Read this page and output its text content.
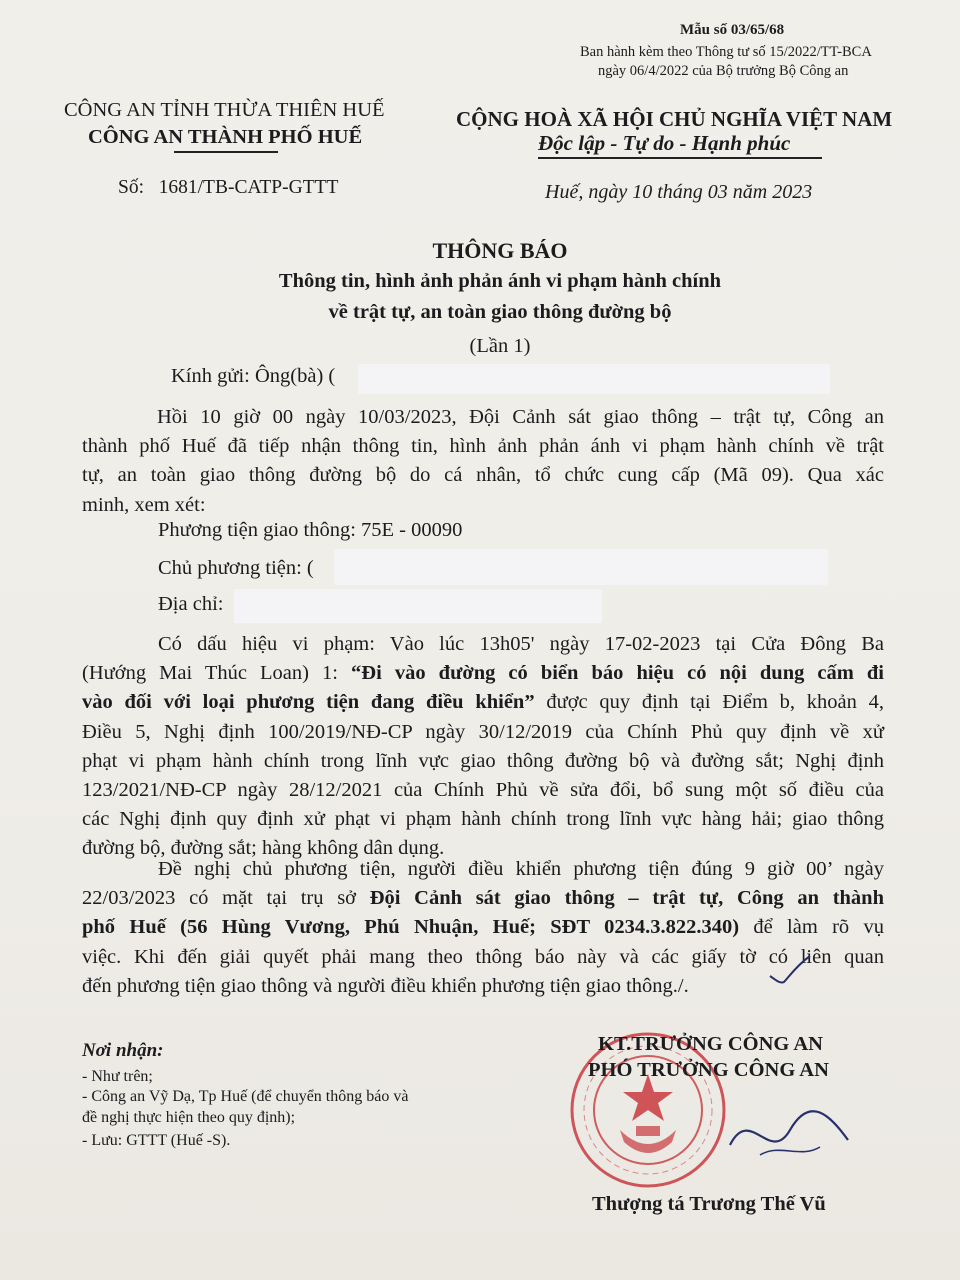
Mẫu số 03/65/68
Ban hành kèm theo Thông tư số 15/2022/TT-BCA
ngày 06/4/2022 của Bộ trưởng Bộ Công an
CÔNG AN TỈNH THỪA THIÊN HUẾ
CÔNG AN THÀNH PHỐ HUẾ
Số: 1681/TB-CATP-GTTT
CỘNG HOÀ XÃ HỘI CHỦ NGHĨA VIỆT NAM
Độc lập - Tự do - Hạnh phúc
Huế, ngày 10 tháng 03 năm 2023
THÔNG BÁO
Thông tin, hình ảnh phản ánh vi phạm hành chính
về trật tự, an toàn giao thông đường bộ
(Lần 1)
Kính gửi: Ông(bà) (
Hồi 10 giờ 00 ngày 10/03/2023, Đội Cảnh sát giao thông – trật tự, Công an
thành phố Huế đã tiếp nhận thông tin, hình ảnh phản ánh vi phạm hành chính về trật
tự, an toàn giao thông đường bộ do cá nhân, tổ chức cung cấp (Mã 09). Qua xác
minh, xem xét:
Phương tiện giao thông: 75E - 00090
Chủ phương tiện: (
Địa chỉ:
Có dấu hiệu vi phạm: Vào lúc 13h05' ngày 17-02-2023 tại Cửa Đông Ba
(Hướng Mai Thúc Loan) 1: “Đi vào đường có biển báo hiệu có nội dung cấm đi
vào đối với loại phương tiện đang điều khiển” được quy định tại Điểm b, khoản 4,
Điều 5, Nghị định 100/2019/NĐ-CP ngày 30/12/2019 của Chính Phủ quy định về xử
phạt vi phạm hành chính trong lĩnh vực giao thông đường bộ và đường sắt; Nghị định
123/2021/NĐ-CP ngày 28/12/2021 của Chính Phủ về sửa đổi, bổ sung một số điều của
các Nghị định quy định xử phạt vi phạm hành chính trong lĩnh vực hàng hải; giao thông
đường bộ, đường sắt; hàng không dân dụng.
Đề nghị chủ phương tiện, người điều khiển phương tiện đúng 9 giờ 00’ ngày
22/03/2023 có mặt tại trụ sở Đội Cảnh sát giao thông – trật tự, Công an thành
phố Huế (56 Hùng Vương, Phú Nhuận, Huế; SĐT 0234.3.822.340) để làm rõ vụ
việc. Khi đến giải quyết phải mang theo thông báo này và các giấy tờ có liên quan
đến phương tiện giao thông và người điều khiển phương tiện giao thông./.
Nơi nhận:
- Như trên;
- Công an Vỹ Dạ, Tp Huế (để chuyển thông báo và
đề nghị thực hiện theo quy định);
- Lưu: GTTT (Huế -S).
KT.TRƯỞNG CÔNG AN
PHÓ TRƯỞNG CÔNG AN
Thượng tá Trương Thế Vũ
